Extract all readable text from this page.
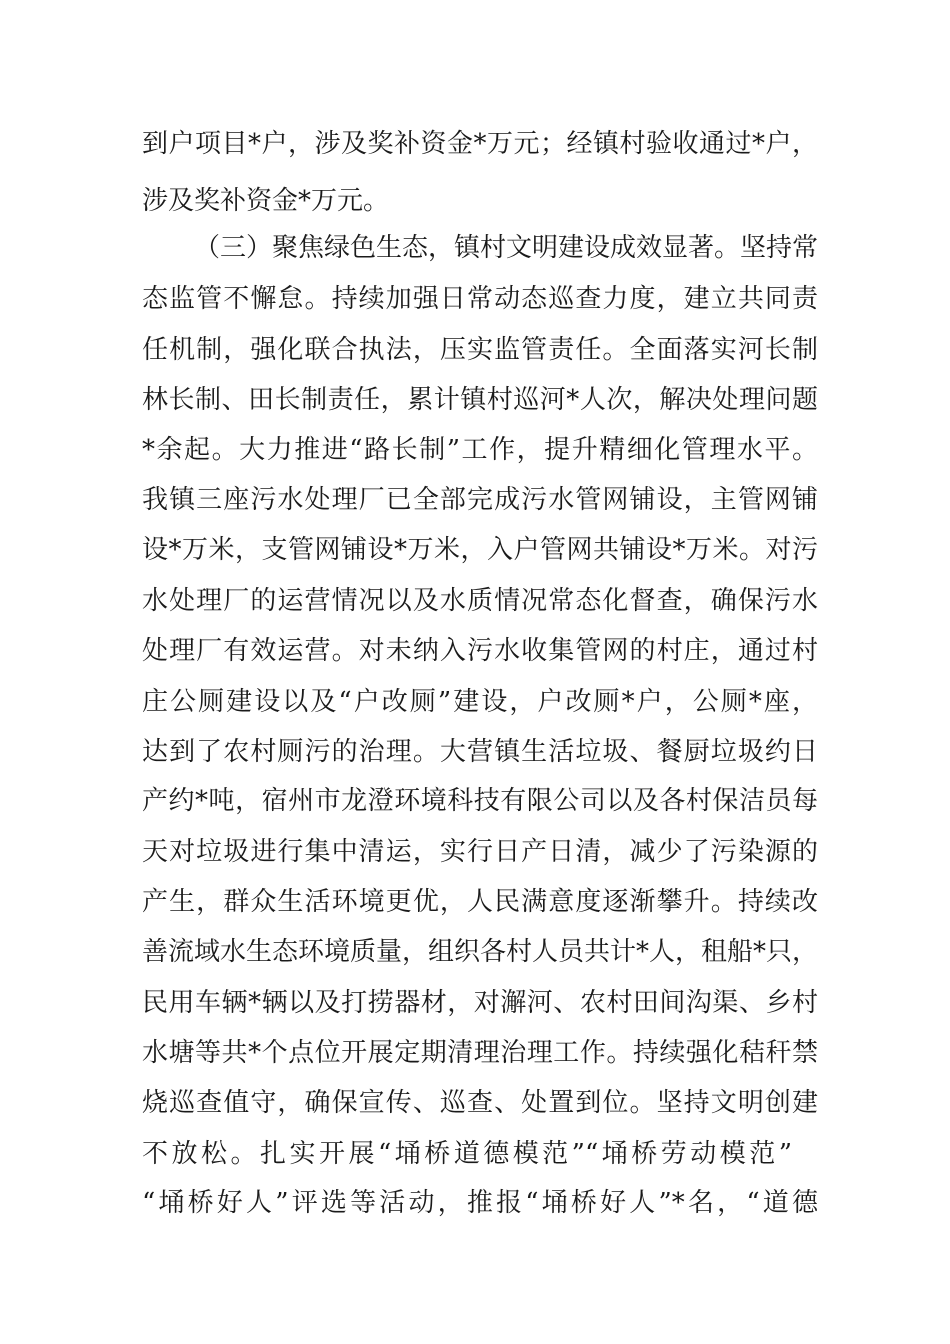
到户项目*户，涉及奖补资金*万元；经镇村验收通过*户，
涉及奖补资金*万元。
（三）聚焦绿色生态，镇村文明建设成效显著。坚持常
态监管不懈怠。持续加强日常动态巡查力度，建立共同责
任机制，强化联合执法，压实监管责任。全面落实河长制
林长制、田长制责任，累计镇村巡河*人次，解决处理问题
*余起。大力推进“路长制”工作，提升精细化管理水平。
我镇三座污水处理厂已全部完成污水管网铺设，主管网铺
设*万米，支管网铺设*万米，入户管网共铺设*万米。对污
水处理厂的运营情况以及水质情况常态化督查，确保污水
处理厂有效运营。对未纳入污水收集管网的村庄，通过村
庄公厕建设以及“户改厕”建设，户改厕*户，公厕*座，
达到了农村厕污的治理。大营镇生活垃圾、餐厨垃圾约日
产约*吨，宿州市龙澄环境科技有限公司以及各村保洁员每
天对垃圾进行集中清运，实行日产日清，减少了污染源的
产生，群众生活环境更优，人民满意度逐渐攀升。持续改
善流域水生态环境质量，组织各村人员共计*人，租船*只，
民用车辆*辆以及打捞器材，对澥河、农村田间沟渠、乡村
水塘等共*个点位开展定期清理治理工作。持续强化秸秆禁
烧巡查值守，确保宣传、巡查、处置到位。坚持文明创建
不放松。扎实开展“埇桥道德模范”“埇桥劳动模范”
“埇桥好人”评选等活动，推报“埇桥好人”*名，“道德
